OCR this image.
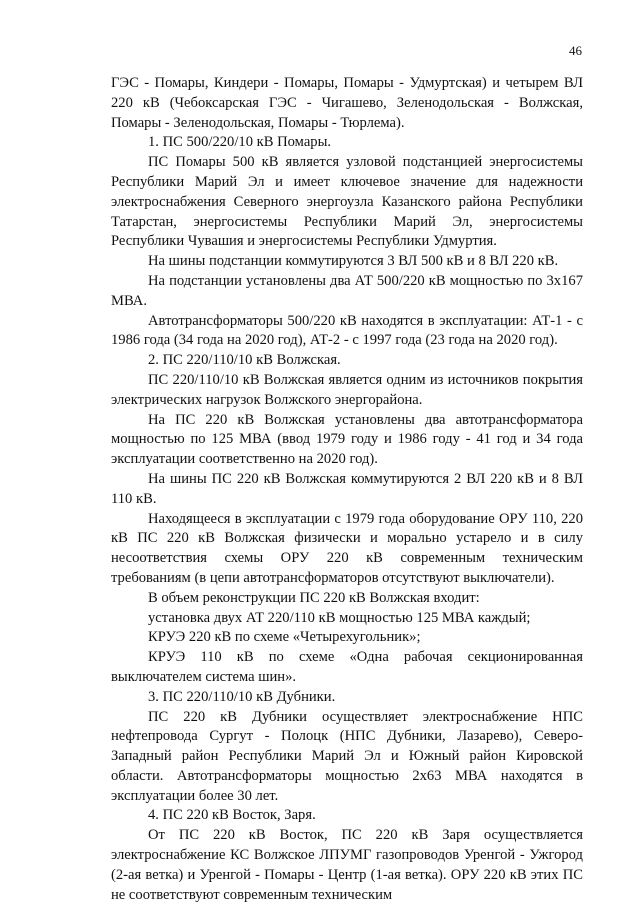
46

ГЭС - Помары, Киндери - Помары, Помары - Удмуртская) и четырем ВЛ 220 кВ (Чебоксарская ГЭС - Чигашево, Зеленодольская - Волжская, Помары - Зеленодольская, Помары - Тюрлема).

1. ПС 500/220/10 кВ Помары.

ПС Помары 500 кВ является узловой подстанцией энергосистемы Республики Марий Эл и имеет ключевое значение для надежности электроснабжения Северного энергоузла Казанского района Республики Татарстан, энергосистемы Республики Марий Эл, энергосистемы Республики Чувашия и энергосистемы Республики Удмуртия.

На шины подстанции коммутируются 3 ВЛ 500 кВ и 8 ВЛ 220 кВ.

На подстанции установлены два АТ 500/220 кВ мощностью по 3х167 МВА.

Автотрансформаторы 500/220 кВ находятся в эксплуатации: АТ-1 - с 1986 года (34 года на 2020 год), АТ-2 - с 1997 года (23 года на 2020 год).

2. ПС 220/110/10 кВ Волжская.

ПС 220/110/10 кВ Волжская является одним из источников покрытия электрических нагрузок Волжского энергорайона.

На ПС 220 кВ Волжская установлены два автотрансформатора мощностью по 125 МВА (ввод 1979 году и 1986 году - 41 год и 34 года эксплуатации соответственно на 2020 год).

На шины ПС 220 кВ Волжская коммутируются 2 ВЛ 220 кВ и 8 ВЛ 110 кВ.

Находящееся в эксплуатации с 1979 года оборудование ОРУ 110, 220 кВ ПС 220 кВ Волжская физически и морально устарело и в силу несоответствия схемы ОРУ 220 кВ современным техническим требованиям (в цепи автотрансформаторов отсутствуют выключатели).

В объем реконструкции ПС 220 кВ Волжская входит:

установка двух АТ 220/110 кВ мощностью 125 МВА каждый;

КРУЭ 220 кВ по схеме «Четырехугольник»;

КРУЭ 110 кВ по схеме «Одна рабочая секционированная выключателем система шин».

3. ПС 220/110/10 кВ Дубники.

ПС 220 кВ Дубники осуществляет электроснабжение НПС нефтепровода Сургут - Полоцк (НПС Дубники, Лазарево), Северо-Западный район Республики Марий Эл и Южный район Кировской области. Автотрансформаторы мощностью 2х63 МВА находятся в эксплуатации более 30 лет.

4. ПС 220 кВ Восток, Заря.

От ПС 220 кВ Восток, ПС 220 кВ Заря осуществляется электроснабжение КС Волжское ЛПУМГ газопроводов Уренгой - Ужгород (2-ая ветка) и Уренгой - Помары - Центр (1-ая ветка). ОРУ 220 кВ этих ПС не соответствуют современным техническим
